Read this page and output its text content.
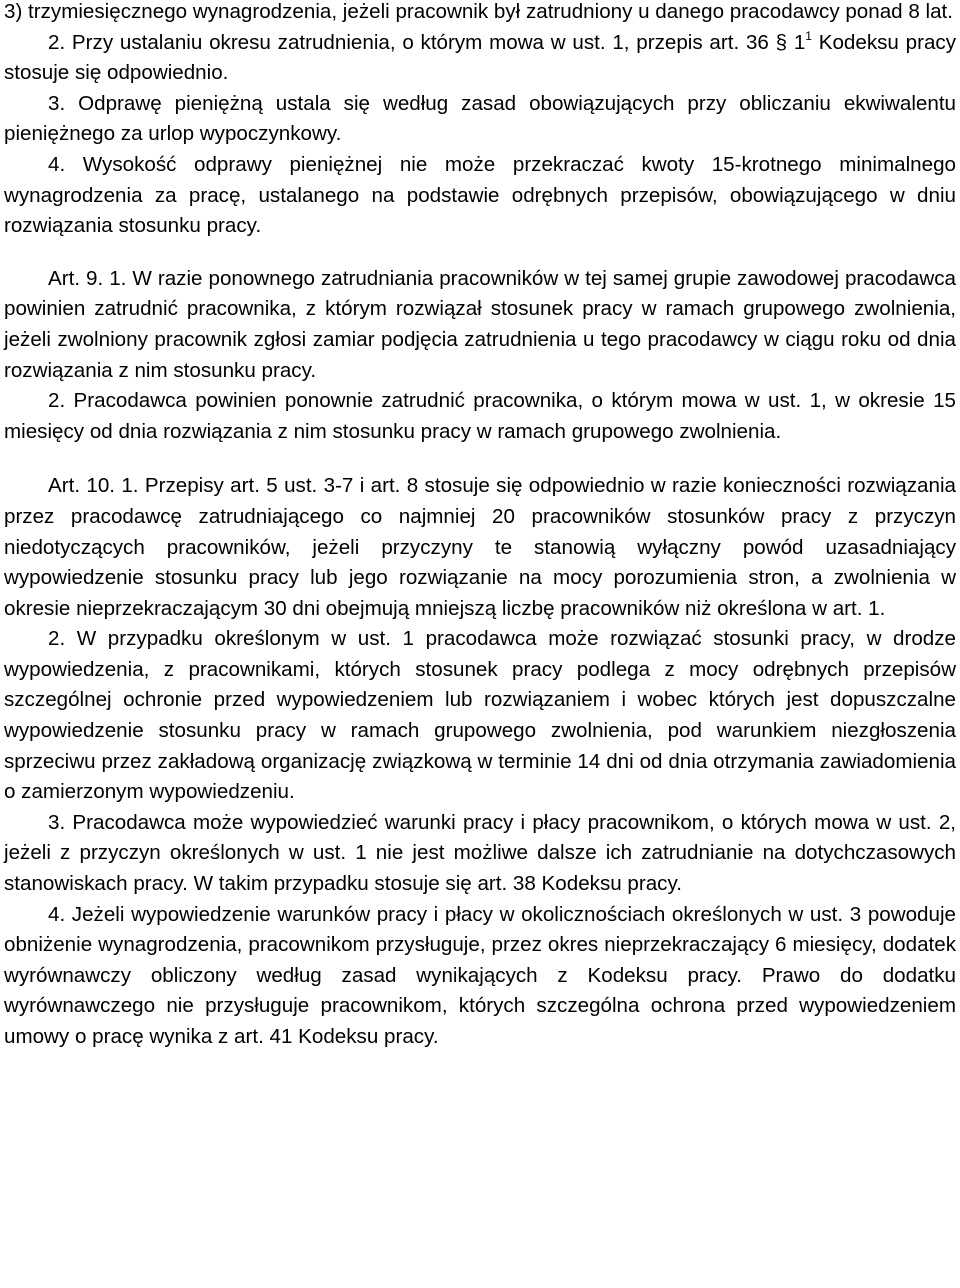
3) trzymiesięcznego wynagrodzenia, jeżeli pracownik był zatrudniony u danego pracodawcy ponad 8 lat.

2. Przy ustalaniu okresu zatrudnienia, o którym mowa w ust. 1, przepis art. 36 § $1^1$ Kodeksu pracy stosuje się odpowiednio.

3. Odprawę pieniężną ustala się według zasad obowiązujących przy obliczaniu ekwiwalentu pieniężnego za urlop wypoczynkowy.

4. Wysokość odprawy pieniężnej nie może przekraczać kwoty 15-krotnego minimalnego wynagrodzenia za pracę, ustalanego na podstawie odrębnych przepisów, obowiązującego w dniu rozwiązania stosunku pracy.

Art. 9. 1. W razie ponownego zatrudniania pracowników w tej samej grupie zawodowej pracodawca powinien zatrudnić pracownika, z którym rozwiązał stosunek pracy w ramach grupowego zwolnienia, jeżeli zwolniony pracownik zgłosi zamiar podjęcia zatrudnienia u tego pracodawcy w ciągu roku od dnia rozwiązania z nim stosunku pracy.

2. Pracodawca powinien ponownie zatrudnić pracownika, o którym mowa w ust. 1, w okresie 15 miesięcy od dnia rozwiązania z nim stosunku pracy w ramach grupowego zwolnienia.

Art. 10. 1. Przepisy art. 5 ust. 3-7 i art. 8 stosuje się odpowiednio w razie konieczności rozwiązania przez pracodawcę zatrudniającego co najmniej 20 pracowników stosunków pracy z przyczyn niedotyczących pracowników, jeżeli przyczyny te stanowią wyłączny powód uzasadniający wypowiedzenie stosunku pracy lub jego rozwiązanie na mocy porozumienia stron, a zwolnienia w okresie nieprzekraczającym 30 dni obejmują mniejszą liczbę pracowników niż określona w art. 1.

2. W przypadku określonym w ust. 1 pracodawca może rozwiązać stosunki pracy, w drodze wypowiedzenia, z pracownikami, których stosunek pracy podlega z mocy odrębnych przepisów szczególnej ochronie przed wypowiedzeniem lub rozwiązaniem i wobec których jest dopuszczalne wypowiedzenie stosunku pracy w ramach grupowego zwolnienia, pod warunkiem niezgłoszenia sprzeciwu przez zakładową organizację związkową w terminie 14 dni od dnia otrzymania zawiadomienia o zamierzonym wypowiedzeniu.

3. Pracodawca może wypowiedzieć warunki pracy i płacy pracownikom, o których mowa w ust. 2, jeżeli z przyczyn określonych w ust. 1 nie jest możliwe dalsze ich zatrudnianie na dotychczasowych stanowiskach pracy. W takim przypadku stosuje się art. 38 Kodeksu pracy.

4. Jeżeli wypowiedzenie warunków pracy i płacy w okolicznościach określonych w ust. 3 powoduje obniżenie wynagrodzenia, pracownikom przysługuje, przez okres nieprzekraczający 6 miesięcy, dodatek wyrównawczy obliczony według zasad wynikających z Kodeksu pracy. Prawo do dodatku wyrównawczego nie przysługuje pracownikom, których szczególna ochrona przed wypowiedzeniem umowy o pracę wynika z art. 41 Kodeksu pracy.
